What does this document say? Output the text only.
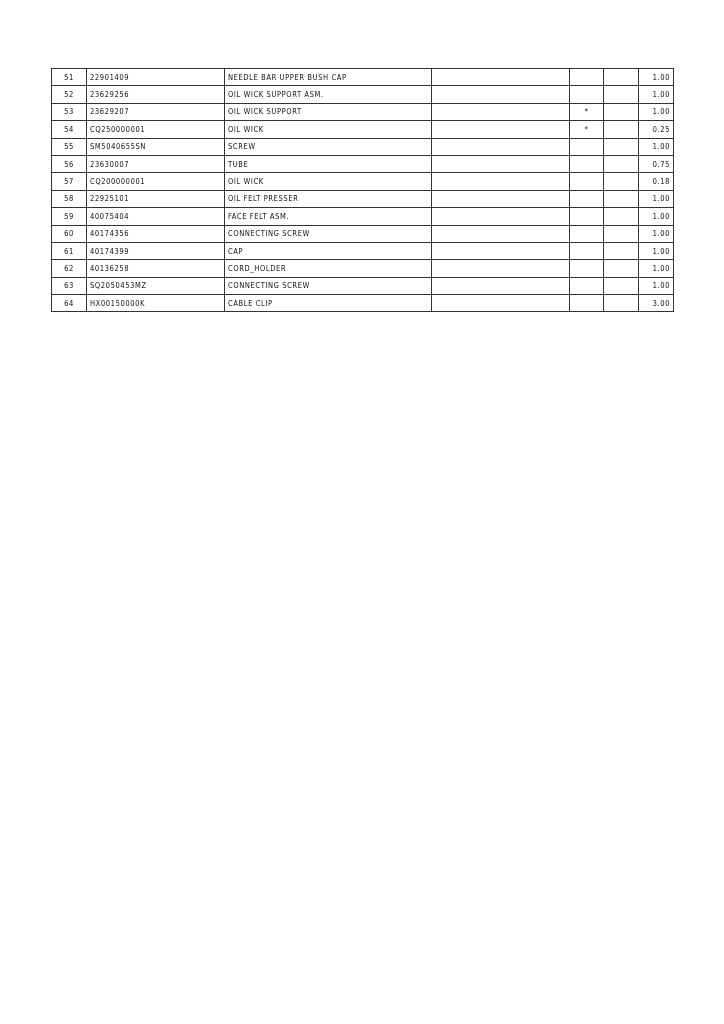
51	22901409	NEEDLE BAR UPPER BUSH CAP				1.00
52	23629256	OIL WICK SUPPORT ASM.				1.00
53	23629207	OIL WICK SUPPORT		*		1.00
54	CQ250000001	OIL WICK		*		0.25
55	SM5040655SN	SCREW				1.00
56	23630007	TUBE				0.75
57	CQ200000001	OIL WICK				0.18
58	22925101	OIL FELT PRESSER				1.00
59	40075404	FACE FELT ASM.				1.00
60	40174356	CONNECTING SCREW				1.00
61	40174399	CAP				1.00
62	40136258	CORD_HOLDER				1.00
63	SQ2050453MZ	CONNECTING SCREW				1.00
64	HX00150000K	CABLE CLIP				3.00
